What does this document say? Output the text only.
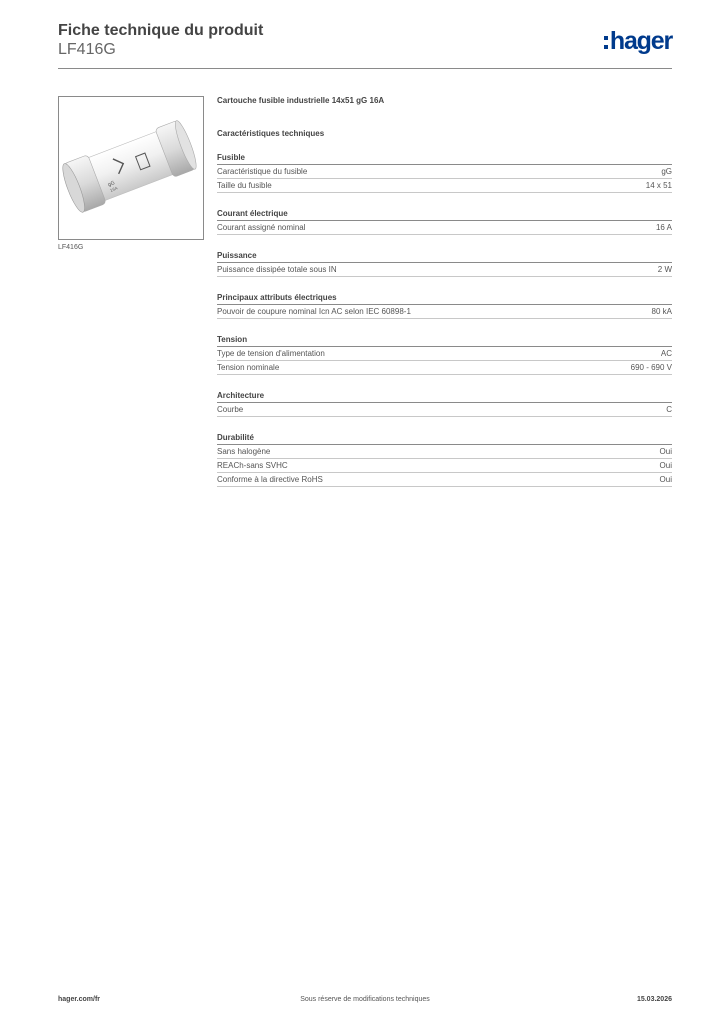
Fiche technique du produit
LF416G	hager
gG
16A
LF416G
Cartouche fusible industrielle 14x51 gG 16A
Caractéristiques techniques
Fusible
Caractéristique du fusible	gG
Taille du fusible	14 x 51
Courant électrique
Courant assigné nominal	16 A
Puissance
Puissance dissipée totale sous IN	2 W
Principaux attributs électriques
Pouvoir de coupure nominal Icn AC selon IEC 60898-1	80 kA
Tension
Type de tension d'alimentation	AC
Tension nominale	690 - 690 V
Architecture
Courbe	C
Durabilité
Sans halogène	Oui
REACh-sans SVHC	Oui
Conforme à la directive RoHS	Oui
Sous réserve de modifications techniques
hager.com/fr	15.03.2026
